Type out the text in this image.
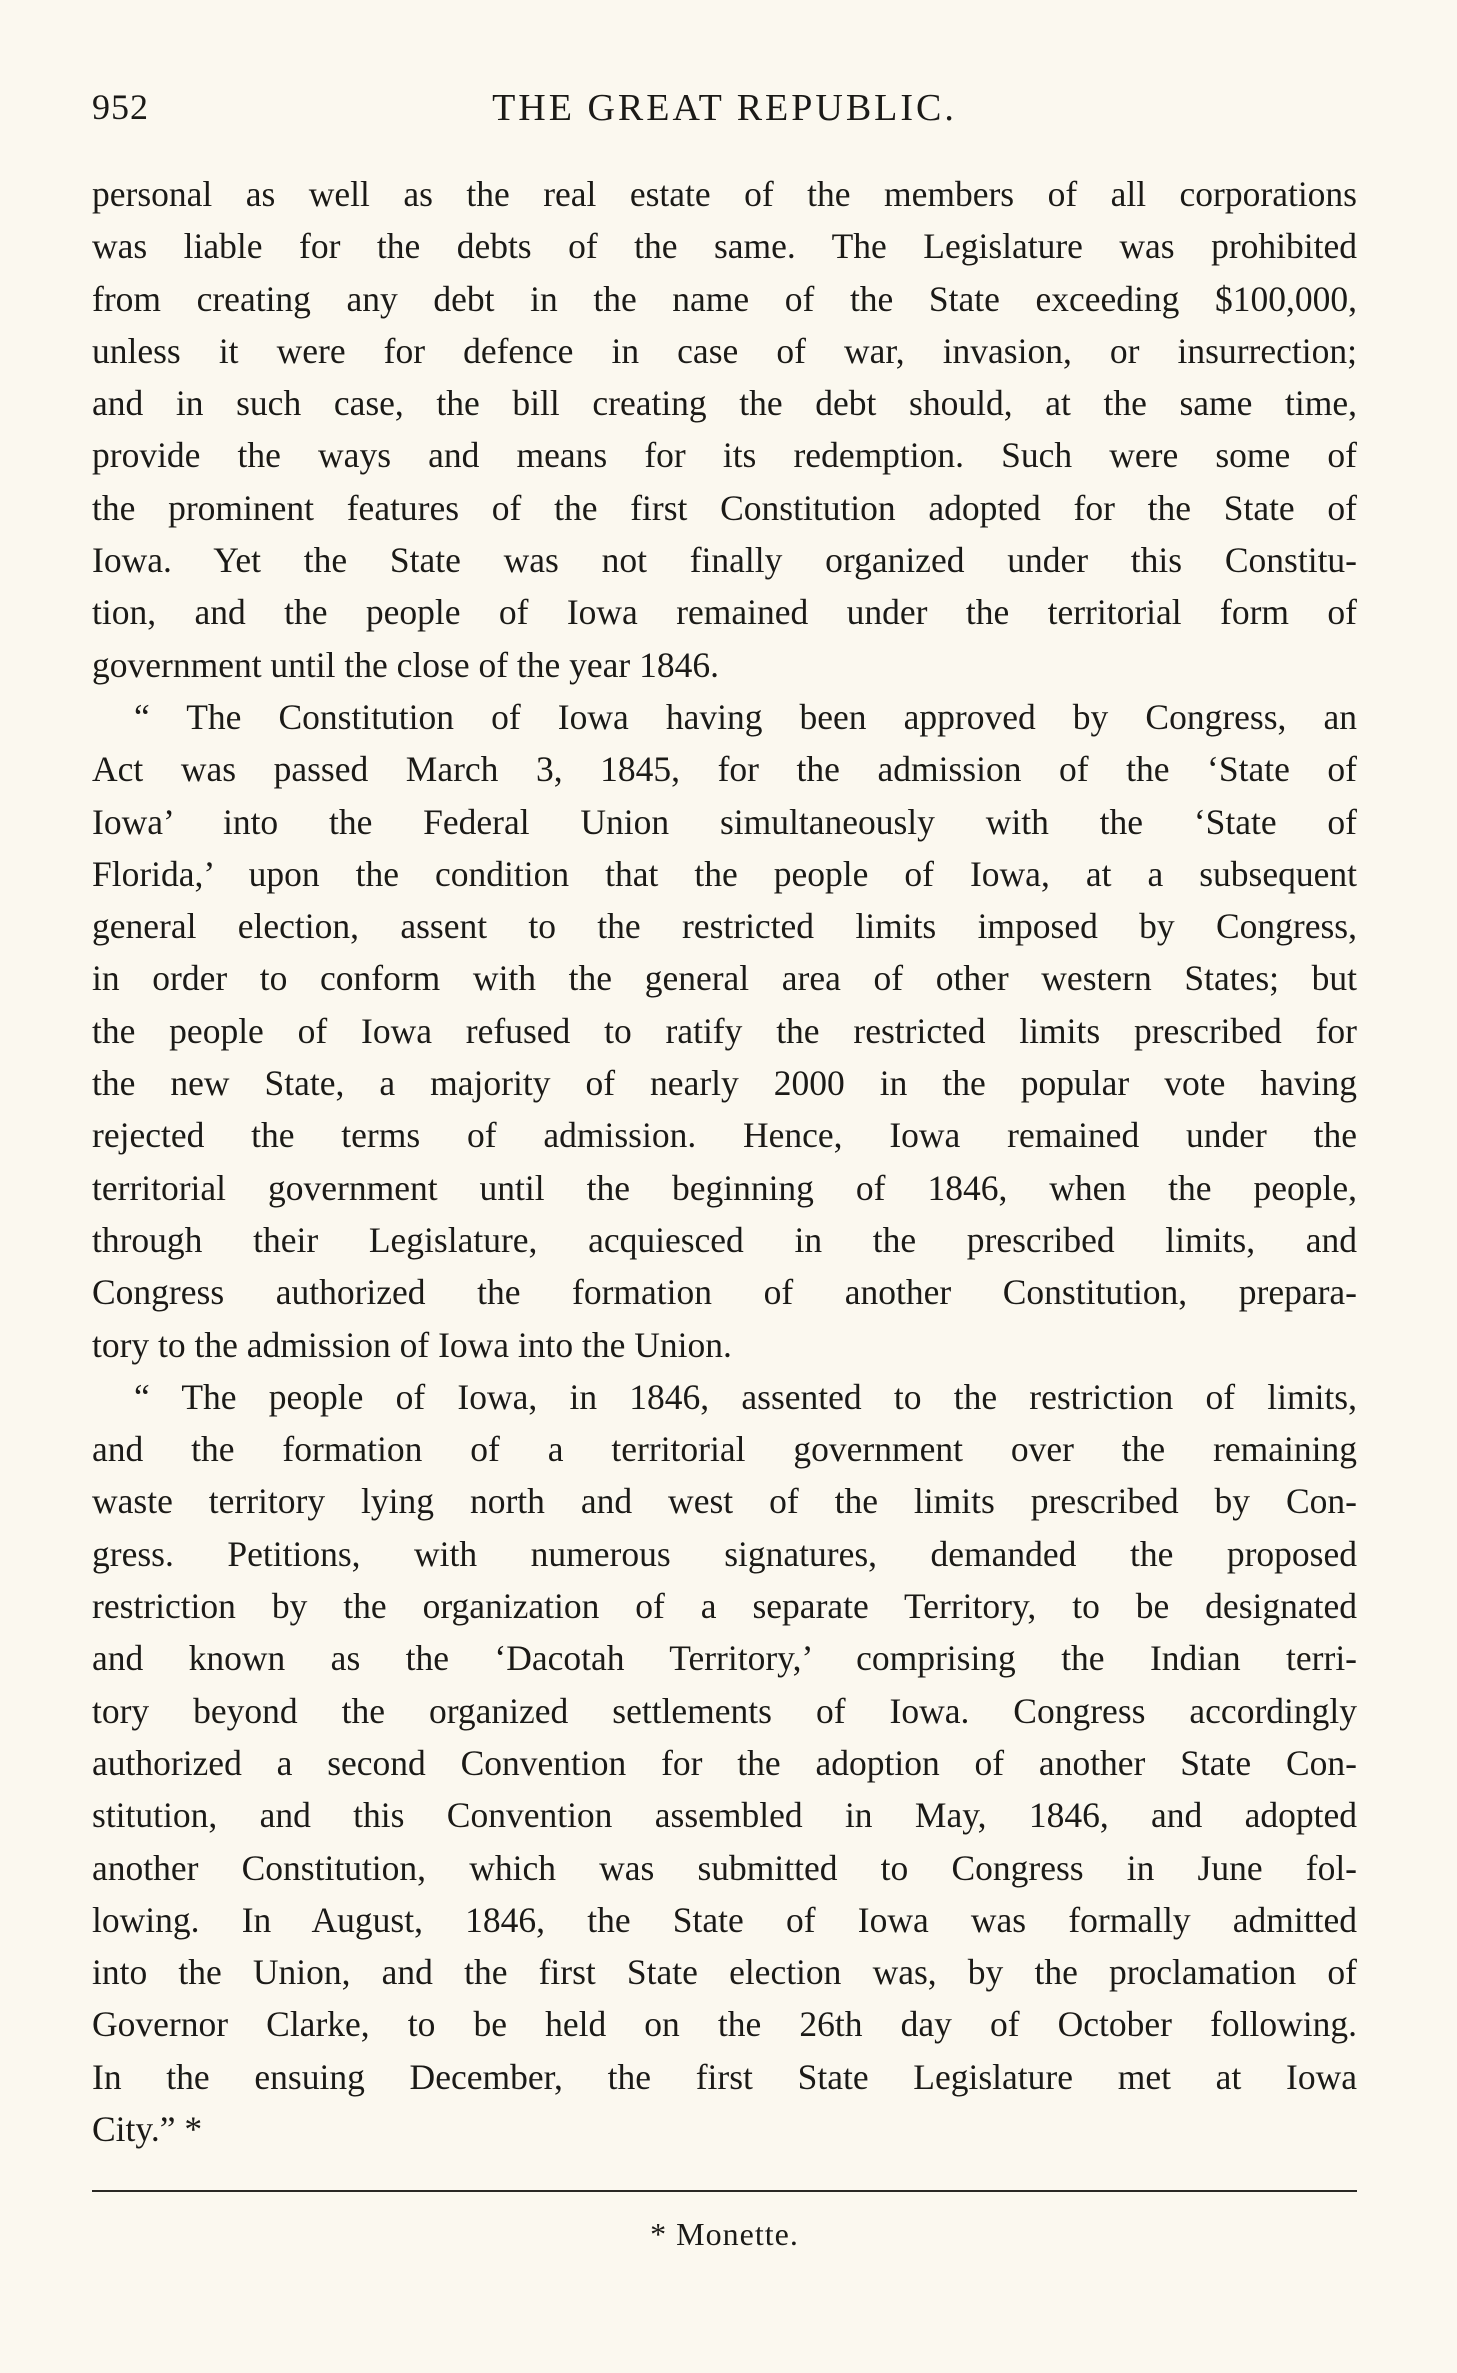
952	THE GREAT REPUBLIC.
personal as well as the real estate of the members of all corporations
was liable for the debts of the same. The Legislature was prohibited
from creating any debt in the name of the State exceeding $100,000,
unless it were for defence in case of war, invasion, or insurrection;
and in such case, the bill creating the debt should, at the same time,
provide the ways and means for its redemption. Such were some of
the prominent features of the first Constitution adopted for the State of
Iowa. Yet the State was not finally organized under this Constitu-
tion, and the people of Iowa remained under the territorial form of
government until the close of the year 1846.
“ The Constitution of Iowa having been approved by Congress, an
Act was passed March 3, 1845, for the admission of the ‘State of
Iowa’ into the Federal Union simultaneously with the ‘State of
Florida,’ upon the condition that the people of Iowa, at a subsequent
general election, assent to the restricted limits imposed by Congress,
in order to conform with the general area of other western States; but
the people of Iowa refused to ratify the restricted limits prescribed for
the new State, a majority of nearly 2000 in the popular vote having
rejected the terms of admission. Hence, Iowa remained under the
territorial government until the beginning of 1846, when the people,
through their Legislature, acquiesced in the prescribed limits, and
Congress authorized the formation of another Constitution, prepara-
tory to the admission of Iowa into the Union.
“ The people of Iowa, in 1846, assented to the restriction of limits,
and the formation of a territorial government over the remaining
waste territory lying north and west of the limits prescribed by Con-
gress. Petitions, with numerous signatures, demanded the proposed
restriction by the organization of a separate Territory, to be designated
and known as the ‘Dacotah Territory,’ comprising the Indian terri-
tory beyond the organized settlements of Iowa. Congress accordingly
authorized a second Convention for the adoption of another State Con-
stitution, and this Convention assembled in May, 1846, and adopted
another Constitution, which was submitted to Congress in June fol-
lowing. In August, 1846, the State of Iowa was formally admitted
into the Union, and the first State election was, by the proclamation of
Governor Clarke, to be held on the 26th day of October following.
In the ensuing December, the first State Legislature met at Iowa
City.” *
* Monette.
